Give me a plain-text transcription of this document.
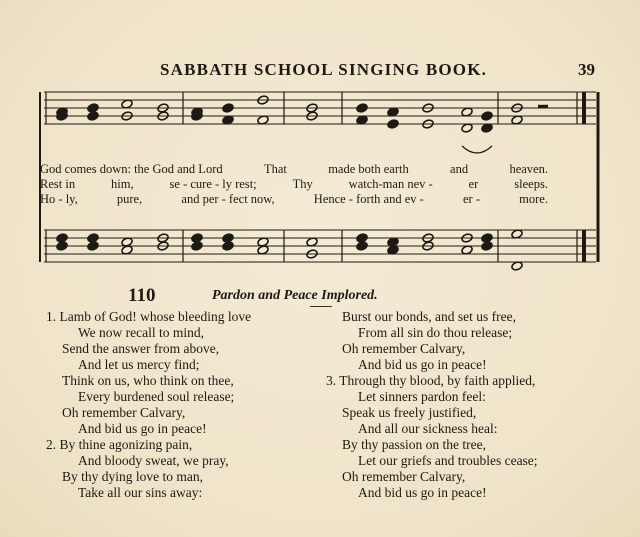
SABBATH SCHOOL SINGING BOOK.	39
God comes down: the God and Lord	That	made both earth	and	heaven.
Rest in	him,	se - cure - ly rest;	Thy	watch-man nev -	er	sleeps.
Ho - ly,	pure,	and per - fect now,	Hence - forth and ev -	er -	more.
110	Pardon and Peace Implored.
1. Lamb of God! whose bleeding love
We now recall to mind,
Send the answer from above,
And let us mercy find;
Think on us, who think on thee,
Every burdened soul release;
Oh remember Calvary,
And bid us go in peace!
2. By thine agonizing pain,
And bloody sweat, we pray,
By thy dying love to man,
Take all our sins away:
Burst our bonds, and set us free,
From all sin do thou release;
Oh remember Calvary,
And bid us go in peace!
3. Through thy blood, by faith applied,
Let sinners pardon feel:
Speak us freely justified,
And all our sickness heal:
By thy passion on the tree,
Let our griefs and troubles cease;
Oh remember Calvary,
And bid us go in peace!
